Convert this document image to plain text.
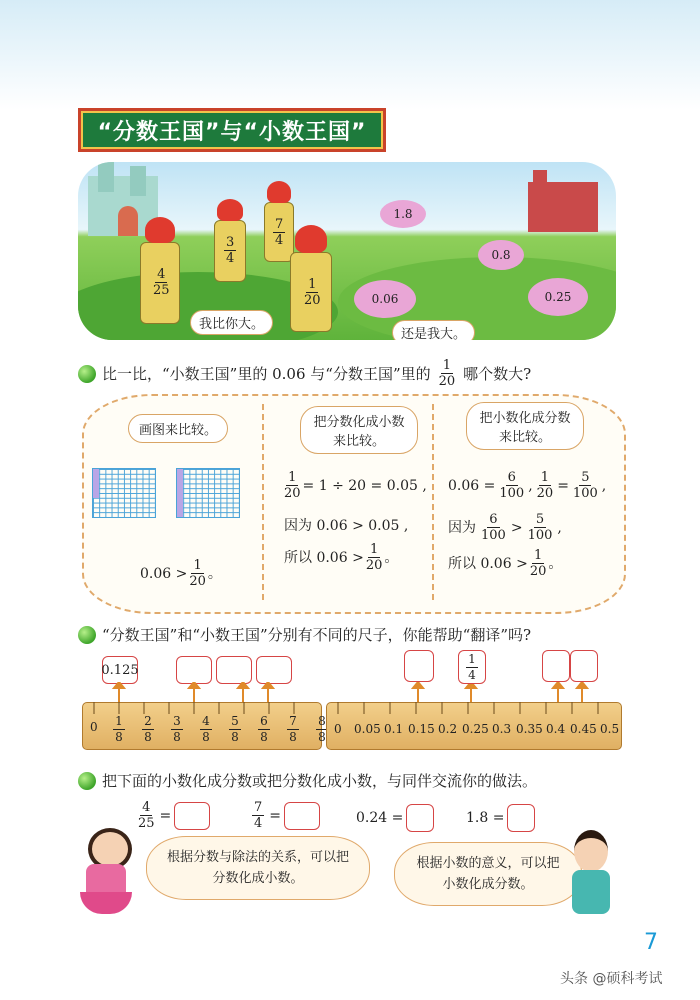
“分数王国”与“小数王国”
$\frac{4}{25}$
$\frac{3}{4}$
$\frac{7}{4}$
$\frac{1}{20}$
1.8
0.8
0.06	0.25
我比你大。
还是我大。
比一比，“小数王国”里的 0.06 与“分数王国”里的 $\frac{1}{20}$ 哪个数大?
画图来比较。
$0.06 > \frac{1}{20}$ 。
把分数化成小数来比较。
$\frac{1}{20} = 1 \div 20 = 0.05$ ,
因为 0.06 > 0.05 ,
所以 $0.06 > \frac{1}{20}$ 。
把小数化成分数来比较。
$0.06 = \frac{6}{100}$ , $\frac{1}{20} = \frac{5}{100}$ ,
因为 $\frac{6}{100} > \frac{5}{100}$ ,
所以 $0.06 > \frac{1}{20}$ 。
“分数王国”和“小数王国”分别有不同的尺子，你能帮助“翻译”吗?
0.125
$0 \frac{1}{8} \frac{2}{8} \frac{3}{8} \frac{4}{8} \frac{5}{8} \frac{6}{8} \frac{7}{8} \frac{8}{8}$
$\frac{1}{4}$
0	0.05 0.1 0.15 0.2 0.25 0.3 0.35 0.4 0.45 0.5
把下面的小数化成分数或把分数化成小数，与同伴交流你的做法。
$\frac{4}{25}$ =	$\frac{7}{4}$ =	0.24 =	1.8 =
根据分数与除法的关系，可以把分数化成小数。
根据小数的意义，可以把小数化成分数。
7
头条 @硕科考试
